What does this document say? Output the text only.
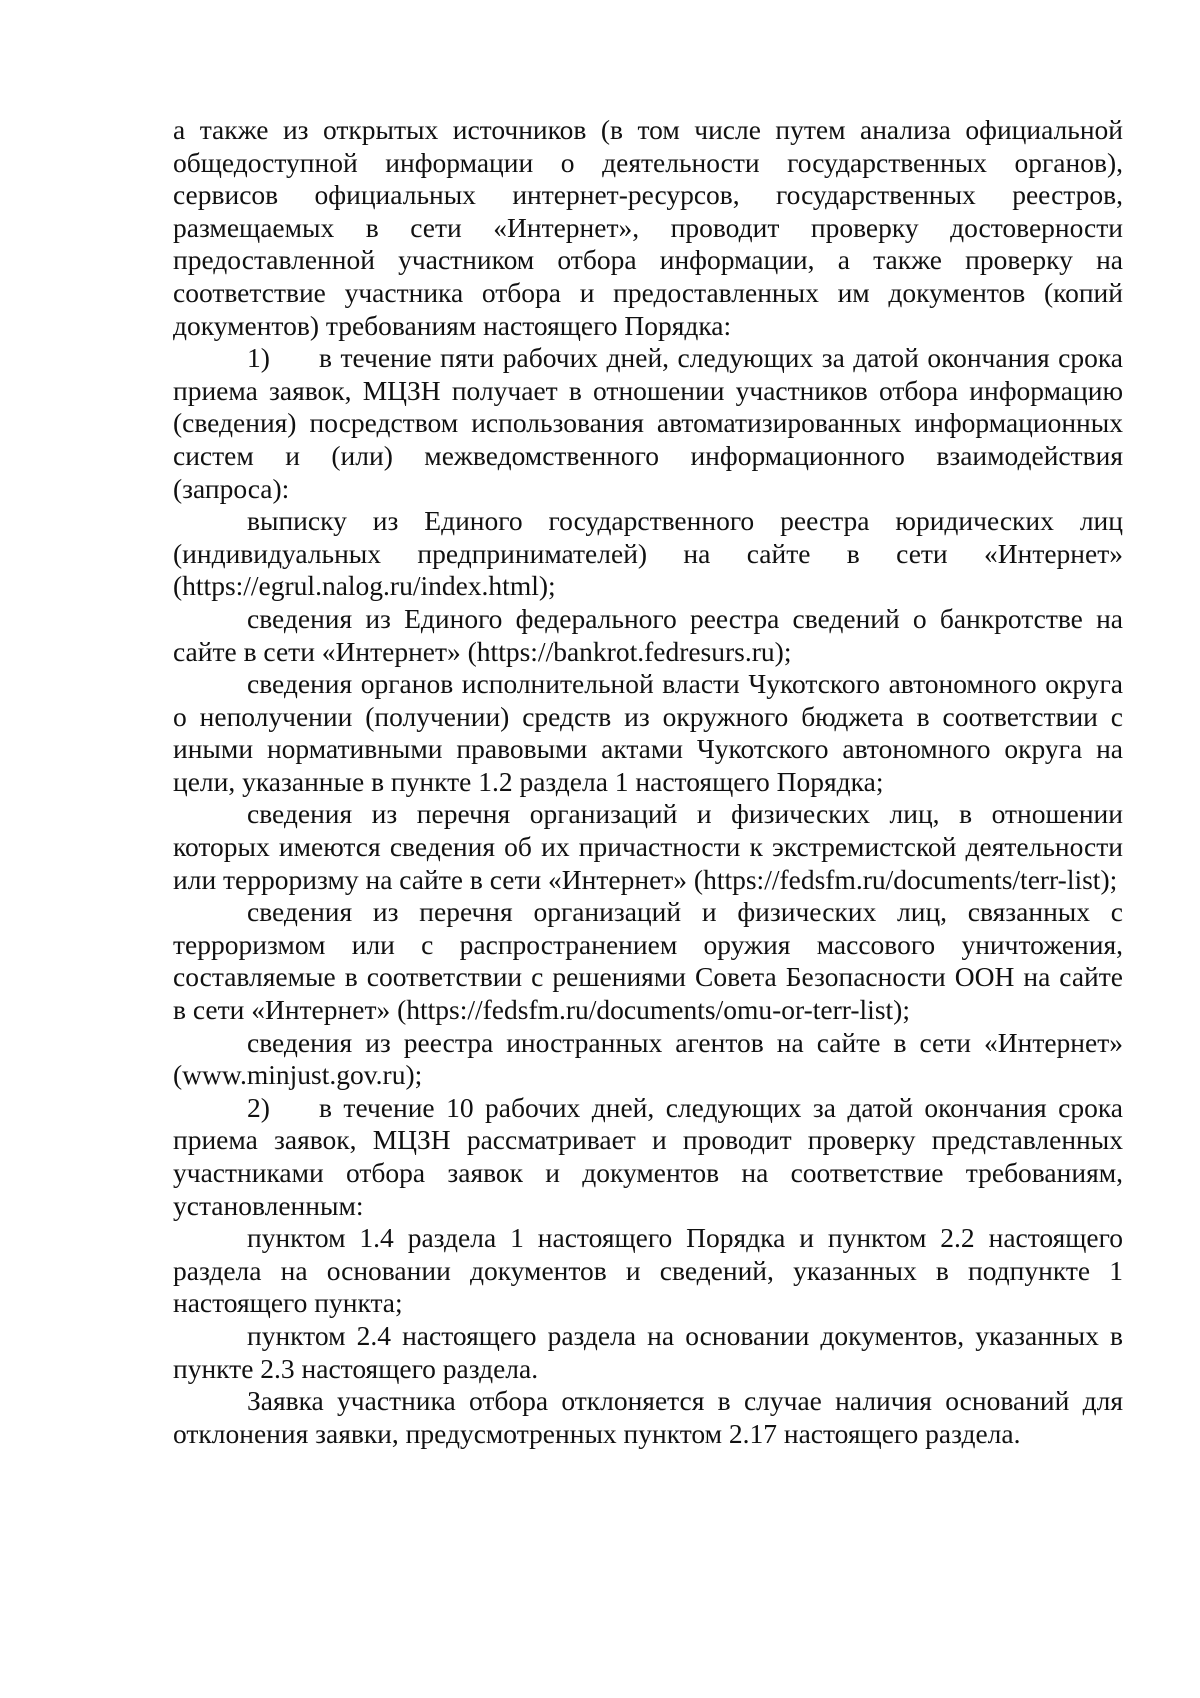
а также из открытых источников (в том числе путем анализа официальной общедоступной информации о деятельности государственных органов), сервисов официальных интернет-ресурсов, государственных реестров, размещаемых в сети «Интернет», проводит проверку достоверности предоставленной участником отбора информации, а также проверку на соответствие участника отбора и предоставленных им документов (копий документов) требованиям настоящего Порядка:

1) в течение пяти рабочих дней, следующих за датой окончания срока приема заявок, МЦЗН получает в отношении участников отбора информацию (сведения) посредством использования автоматизированных информационных систем и (или) межведомственного информационного взаимодействия (запроса):

выписку из Единого государственного реестра юридических лиц (индивидуальных предпринимателей) на сайте в сети «Интернет» (https://egrul.nalog.ru/index.html);

сведения из Единого федерального реестра сведений о банкротстве на сайте в сети «Интернет» (https://bankrot.fedresurs.ru);

сведения органов исполнительной власти Чукотского автономного округа о неполучении (получении) средств из окружного бюджета в соответствии с иными нормативными правовыми актами Чукотского автономного округа на цели, указанные в пункте 1.2 раздела 1 настоящего Порядка;

сведения из перечня организаций и физических лиц, в отношении которых имеются сведения об их причастности к экстремистской деятельности или терроризму на сайте в сети «Интернет» (https://fedsfm.ru/documents/terr-list);

сведения из перечня организаций и физических лиц, связанных с терроризмом или с распространением оружия массового уничтожения, составляемые в соответствии с решениями Совета Безопасности ООН на сайте в сети «Интернет» (https://fedsfm.ru/documents/omu-or-terr-list);

сведения из реестра иностранных агентов на сайте в сети «Интернет» (www.minjust.gov.ru);

2) в течение 10 рабочих дней, следующих за датой окончания срока приема заявок, МЦЗН рассматривает и проводит проверку представленных участниками отбора заявок и документов на соответствие требованиям, установленным:

пунктом 1.4 раздела 1 настоящего Порядка и пунктом 2.2 настоящего раздела на основании документов и сведений, указанных в подпункте 1 настоящего пункта;

пунктом 2.4 настоящего раздела на основании документов, указанных в пункте 2.3 настоящего раздела.

Заявка участника отбора отклоняется в случае наличия оснований для отклонения заявки, предусмотренных пунктом 2.17 настоящего раздела.
